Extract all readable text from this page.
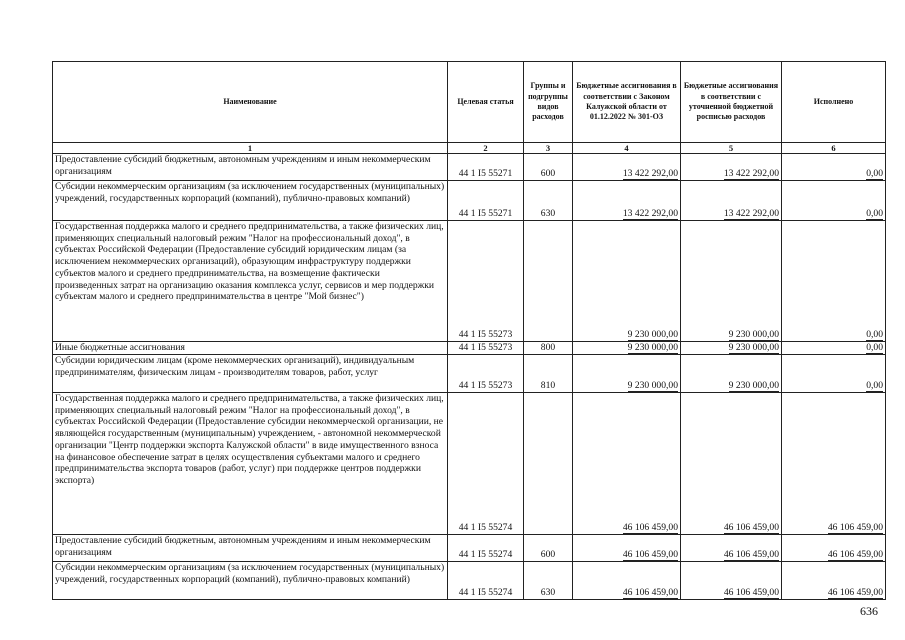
Наименование	Целевая статья	Группы и подгруппы видов расходов	Бюджетные ассигнования в соответствии с Законом Калужской области от 01.12.2022 № 301-ОЗ	Бюджетные ассигнования в соответствии с уточненной бюджетной росписью расходов	Исполнено
1	2	3	4	5	6
Предоставление субсидий бюджетным, автономным учреждениям и иным некоммерческим организациям	44 1 I5 55271	600	13 422 292,00	13 422 292,00	0,00
Субсидии некоммерческим организациям (за исключением государственных (муниципальных) учреждений, государственных корпораций (компаний), публично-правовых компаний)	44 1 I5 55271	630	13 422 292,00	13 422 292,00	0,00
Государственная поддержка малого и среднего предпринимательства, а также физических лиц, применяющих специальный налоговый режим "Налог на профессиональный доход", в субъектах Российской Федерации (Предоставление субсидий юридическим лицам (за исключением некоммерческих организаций), образующим инфраструктуру поддержки субъектов малого и среднего предпринимательства, на возмещение фактически произведенных затрат на организацию оказания комплекса услуг, сервисов и мер поддержки субъектам малого и среднего предпринимательства в центре "Мой бизнес")	44 1 I5 55273		9 230 000,00	9 230 000,00	0,00
Иные бюджетные ассигнования	44 1 I5 55273	800	9 230 000,00	9 230 000,00	0,00
Субсидии юридическим лицам (кроме некоммерческих организаций), индивидуальным предпринимателям, физическим лицам - производителям товаров, работ, услуг	44 1 I5 55273	810	9 230 000,00	9 230 000,00	0,00
Государственная поддержка малого и среднего предпринимательства, а также физических лиц, применяющих специальный налоговый режим "Налог на профессиональный доход", в субъектах Российской Федерации (Предоставление субсидии некоммерческой организации, не являющейся государственным (муниципальным) учреждением, - автономной некоммерческой организации "Центр поддержки экспорта Калужской области" в виде имущественного взноса на финансовое обеспечение затрат в целях осуществления субъектами малого и среднего предпринимательства экспорта товаров (работ, услуг) при поддержке центров поддержки экспорта)	44 1 I5 55274		46 106 459,00	46 106 459,00	46 106 459,00
Предоставление субсидий бюджетным, автономным учреждениям и иным некоммерческим организациям	44 1 I5 55274	600	46 106 459,00	46 106 459,00	46 106 459,00
Субсидии некоммерческим организациям (за исключением государственных (муниципальных) учреждений, государственных корпораций (компаний), публично-правовых компаний)	44 1 I5 55274	630	46 106 459,00	46 106 459,00	46 106 459,00
636
